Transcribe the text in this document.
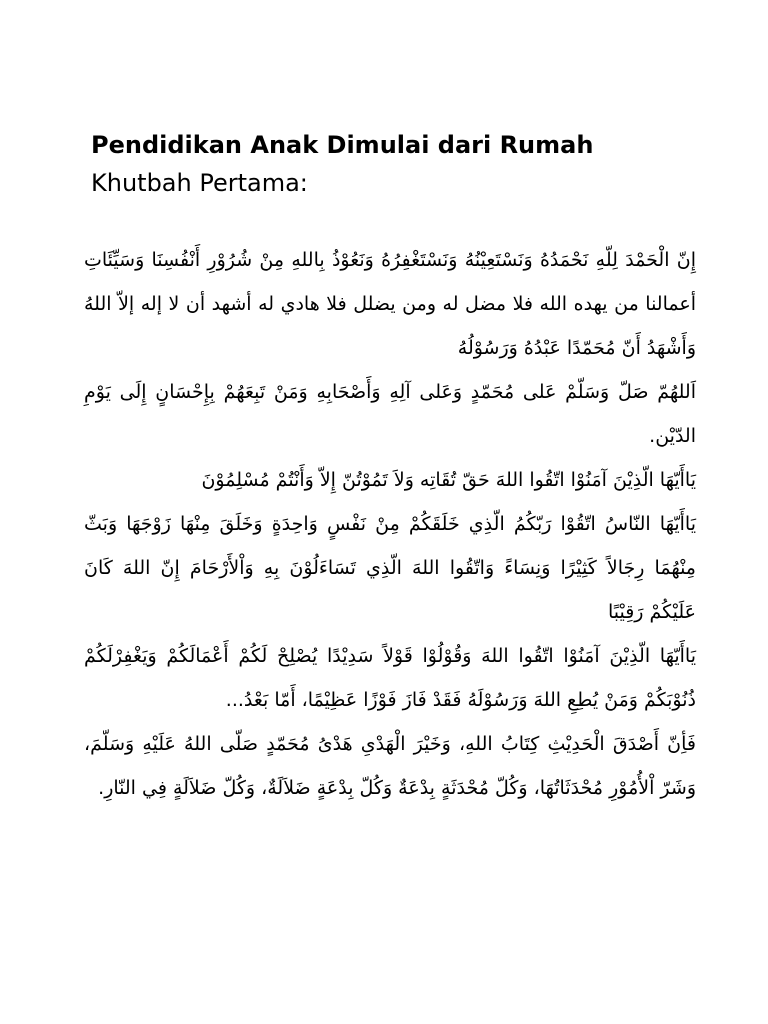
Pendidikan Anak Dimulai dari Rumah
Khutbah Pertama:

إِنّ الْحَمْدَ لِلّهِ نَحْمَدُهُ وَنَسْتَعِيْنُهُ وَنَسْتَغْفِرُهُ وَنَعُوْذُ بِاللهِ مِنْ شُرُوْرِ أَنْفُسِنَا وَسَيِّئَاتِ أعمالنا من يهده الله فلا مضل له ومن يضلل فلا هادي له أشهد أن لا إله إلاّ اللهُ وَأَشْهَدُ أَنّ مُحَمّدًا عَبْدُهُ وَرَسُوْلُهُ

اَللهُمّ صَلّ وَسَلّمْ عَلى مُحَمّدٍ وَعَلى آلِهِ وَأَصْحَابِهِ وَمَنْ تَبِعَهُمْ بِإِحْسَانٍ إِلَى يَوْمِ الدّيْن.

يَاأَيّهَا الّذِيْنَ آمَنُوْا اتّقُوا اللهَ حَقّ تُقَاتِه وَلاَ تَمُوْتُنّ إِلاّ وَأَنْتُمْ مُسْلِمُوْنَ

يَاأَيّهَا النّاسُ اتّقُوْا رَبّكُمُ الّذِي خَلَقَكُمْ مِنْ نَفْسٍ وَاحِدَةٍ وَخَلَقَ مِنْهَا زَوْجَهَا وَبَثّ مِنْهُمَا رِجَالاً كَثِيْرًا وَنِسَاءً وَاتّقُوا اللهَ الّذِي تَسَاءَلُوْنَ بِهِ وَاْلأَرْحَامَ إِنّ اللهَ كَانَ عَلَيْكُمْ رَقِيْبًا

يَاأَيّهَا الّذِيْنَ آمَنُوْا اتّقُوا اللهَ وَقُوْلُوْا قَوْلاً سَدِيْدًا يُصْلِحْ لَكُمْ أَعْمَالَكُمْ وَيَغْفِرْلَكُمْ ذُنُوْبَكُمْ وَمَنْ يُطِعِ اللهَ وَرَسُوْلَهُ فَقَدْ فَازَ فَوْزًا عَظِيْمًا، أَمّا بَعْدُ...

فَأِنّ أَصْدَقَ الْحَدِيْثِ كِتَابُ اللهِ، وَخَيْرَ الْهَدْىِ هَدْىُ مُحَمّدٍ صَلّى اللهُ عَلَيْهِ وَسَلّمَ، وَشَرّ اْلأُمُوْرِ مُحْدَثَاتُهَا، وَكُلّ مُحْدَثَةٍ بِدْعَةٌ وَكُلّ بِدْعَةٍ ضَلاَلَةٌ، وَكُلّ ضَلاَلَةٍ فِي النّارِ.
